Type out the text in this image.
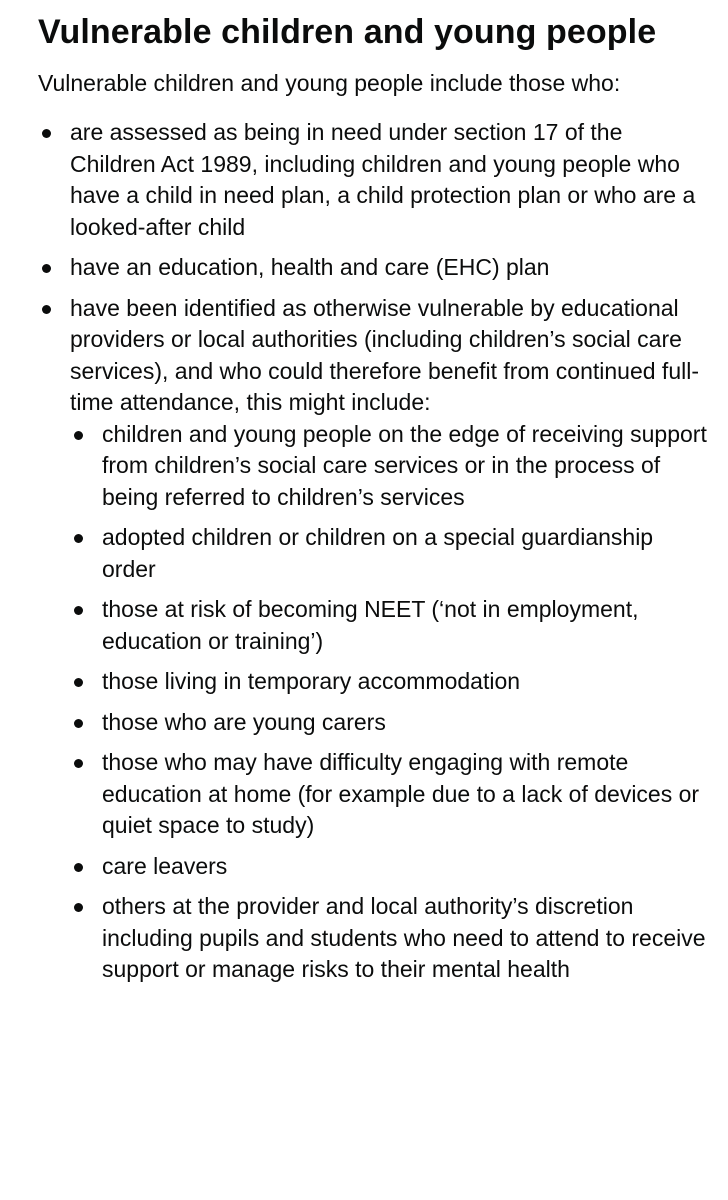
Vulnerable children and young people

Vulnerable children and young people include those who:

are assessed as being in need under section 17 of the Children Act 1989, including children and young people who have a child in need plan, a child protection plan or who are a looked-after child
have an education, health and care (EHC) plan
have been identified as otherwise vulnerable by educational providers or local authorities (including children’s social care services), and who could therefore benefit from continued full-time attendance, this might include:
children and young people on the edge of receiving support from children’s social care services or in the process of being referred to children’s services
adopted children or children on a special guardianship order
those at risk of becoming NEET (‘not in employment, education or training’)
those living in temporary accommodation
those who are young carers
those who may have difficulty engaging with remote education at home (for example due to a lack of devices or quiet space to study)
care leavers
others at the provider and local authority’s discretion including pupils and students who need to attend to receive support or manage risks to their mental health
